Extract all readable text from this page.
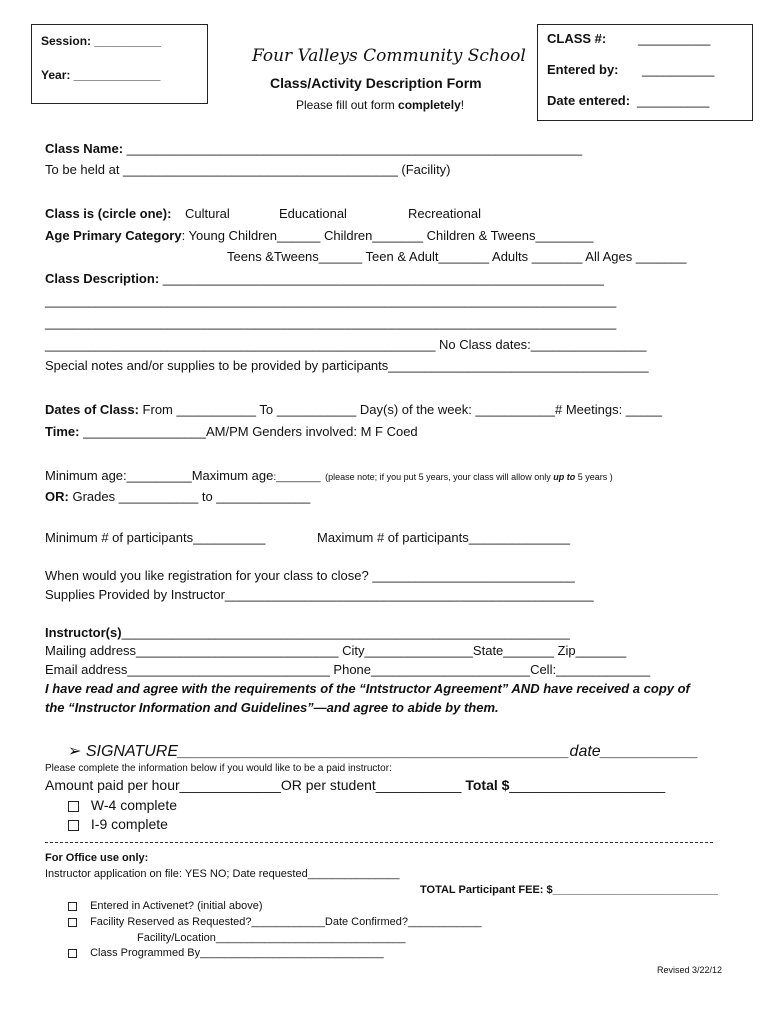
Session: __________
Year: _____________
Four Valleys Community School
Class/Activity Description Form
Please fill out form completely!
CLASS #: __________
Entered by: __________
Date entered: __________
Class Name: _______________________________________________________________
To be held at ______________________________________ (Facility)
Class is (circle one): Cultural	Educational	Recreational
Age Primary Category: Young Children______ Children_______ Children & Tweens________
Teens &Tweens______ Teen & Adult_______ Adults _______ All Ages _______
Class Description: _____________________________________________________________
_______________________________________________________________________________
_______________________________________________________________________________
______________________________________________________ No Class dates:________________
Special notes and/or supplies to be provided by participants____________________________________
Dates of Class: From ___________ To ___________ Day(s) of the week: ___________# Meetings: _____
Time: _________________AM/PM Genders involved: M F Coed
Minimum age:_________Maximum age:________ (please note; if you put 5 years, your class will allow only up to 5 years )
OR: Grades ___________ to _____________
Minimum # of participants__________	Maximum # of participants______________
When would you like registration for your class to close? ____________________________
Supplies Provided by Instructor___________________________________________________
Instructor(s)______________________________________________________________
Mailing address____________________________ City_______________State_______ Zip_______
Email address____________________________ Phone______________________Cell:_____________
I have read and agree with the requirements of the “Intstructor Agreement” AND have received a copy of
the “Instructor Information and Guidelines”—and agree to abide by them.
➢ SIGNATURE____________________________________________date___________
Please complete the information below if you would like to be a paid instructor:
Amount paid per hour_____________OR per student___________ Total $____________________
W-4 complete
I-9 complete
For Office use only:
Instructor application on file: YES NO; Date requested_______________
TOTAL Participant FEE: $___________________________
Entered in Activenet? (initial above)
Facility Reserved as Requested?____________Date Confirmed?____________
Facility/Location_______________________________
Class Programmed By______________________________
Revised 3/22/12
